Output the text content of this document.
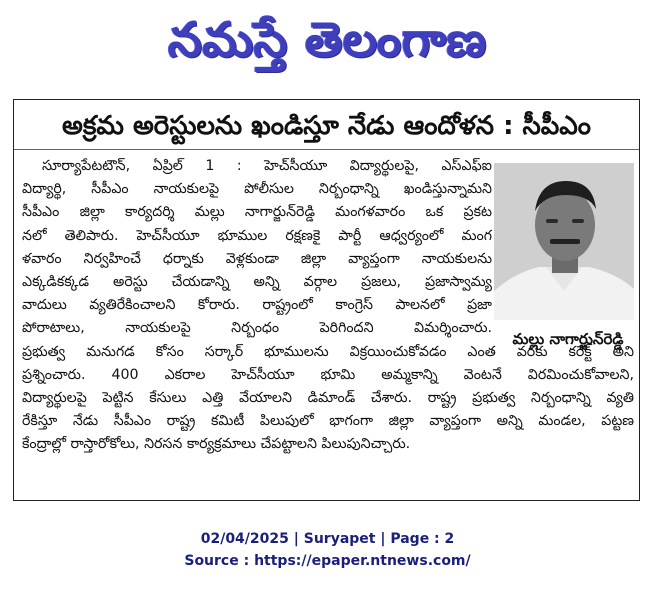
నమస్తే తెలంగాణ
అక్రమ అరెస్టులను ఖండిస్తూ నేడు ఆందోళన : సీపీఎం
మల్లు నాగార్జున్‌రెడ్డి
సూర్యాపేటటౌన్, ఏప్రిల్ 1 : హెచ్‌సీయూ విద్యార్థులపై, ఎస్‌ఎఫ్ఐ
విద్యార్థి, సీపీఎం నాయకులపై పోలీసుల నిర్బంధాన్ని ఖండిస్తున్నామని
సీపీఎం జిల్లా కార్యదర్శి మల్లు నాగార్జున్‌రెడ్డి మంగళవారం ఒక ప్రకట
నలో తెలిపారు. హెచ్‌సీయూ భూముల రక్షణకై పార్టీ ఆధ్వర్యంలో మంగ
ళవారం నిర్వహించే ధర్నాకు వెళ్లకుండా జిల్లా వ్యాప్తంగా నాయకులను
ఎక్కడికక్కడ అరెస్టు చేయడాన్ని అన్ని వర్గాల ప్రజలు, ప్రజాస్వామ్య
వాదులు వ్యతిరేకించాలని కోరారు. రాష్ట్రంలో కాంగ్రెస్ పాలనలో ప్రజా
పోరాటాలు, నాయకులపై నిర్బంధం పెరిగిందని విమర్శించారు.
ప్రభుత్వ మనుగడ కోసం సర్కార్ భూములను విక్రయించుకోవడం ఎంత వరకు కరెక్ట్ అని
ప్రశ్నించారు. 400 ఎకరాల హెచ్‌సీయూ భూమి అమ్మకాన్ని వెంటనే విరమించుకోవాలని,
విద్యార్థులపై పెట్టిన కేసులు ఎత్తి వేయాలని డిమాండ్ చేశారు. రాష్ట్ర ప్రభుత్వ నిర్బంధాన్ని వ్యతి
రేకిస్తూ నేడు సీపీఎం రాష్ట్ర కమిటీ పిలుపులో భాగంగా జిల్లా వ్యాప్తంగా అన్ని మండల, పట్టణ
కేంద్రాల్లో రాస్తారోకోలు, నిరసన కార్యక్రమాలు చేపట్టాలని పిలుపునిచ్చారు.
02/04/2025 | Suryapet | Page : 2
Source : https://epaper.ntnews.com/
